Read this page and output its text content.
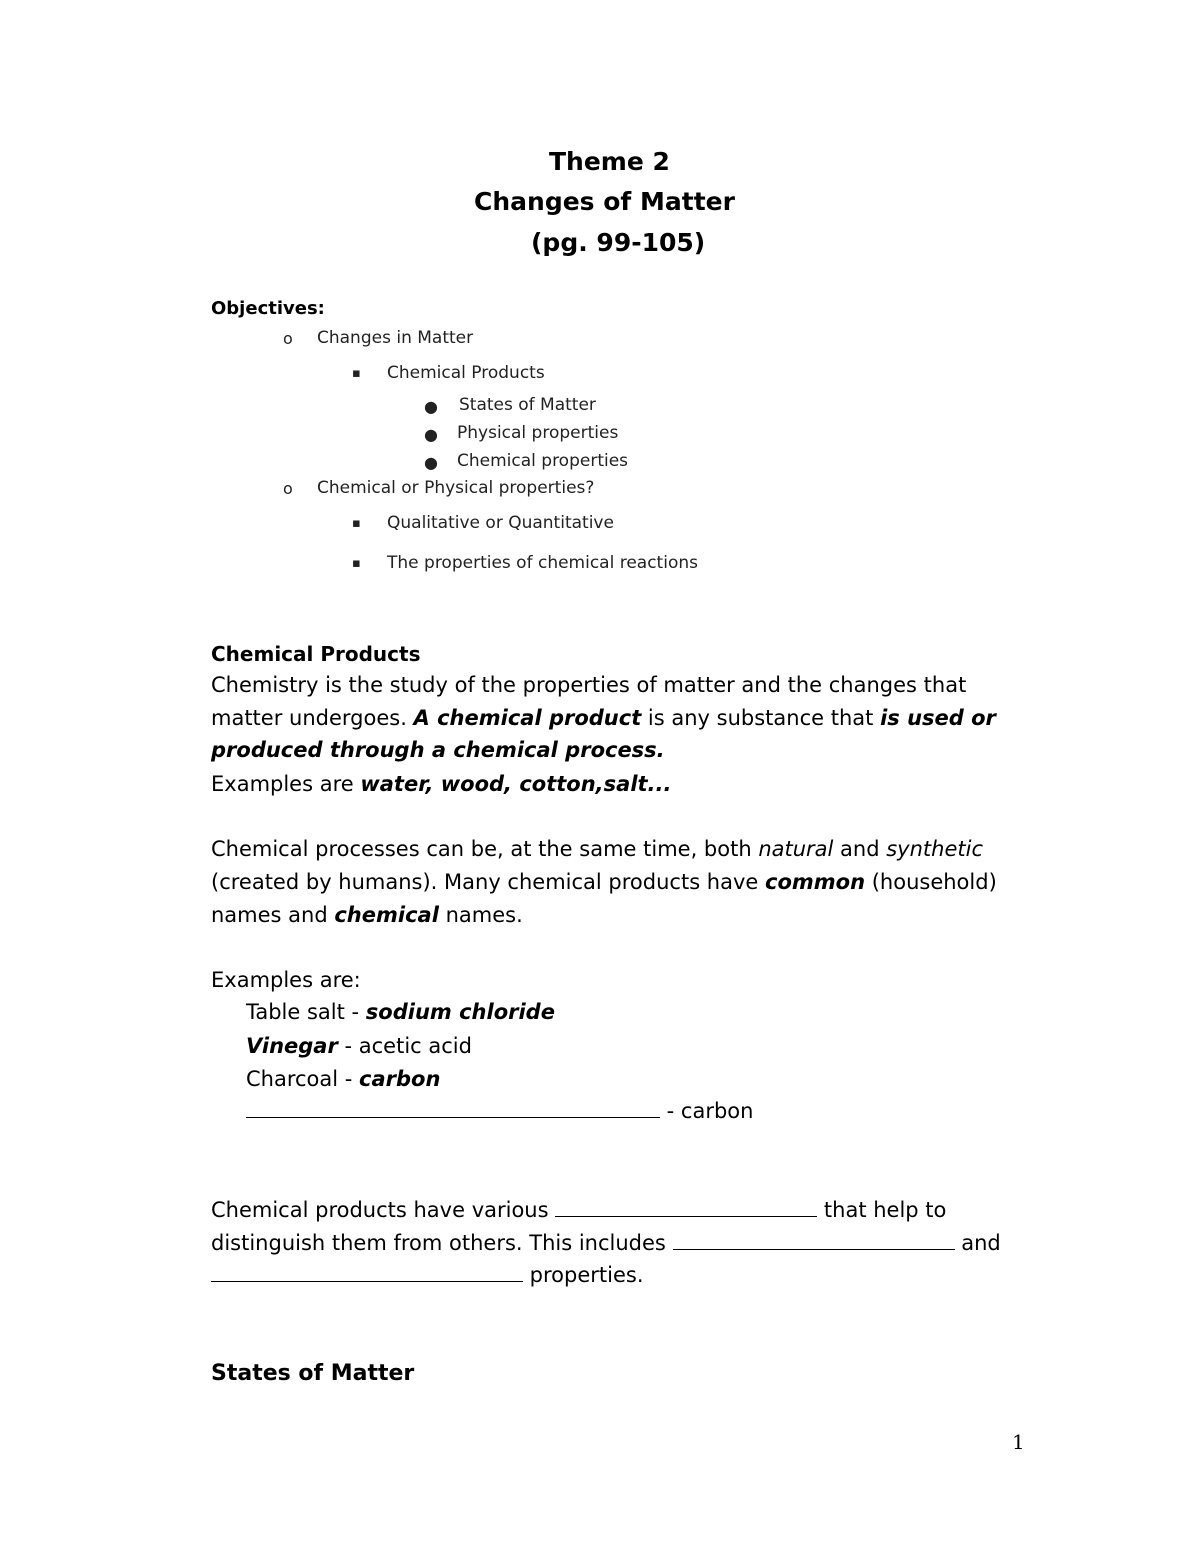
Theme 2
Changes of Matter
(pg. 99-105)
Objectives:
o Changes in Matter
▪ Chemical Products
● States of Matter
● Physical properties
● Chemical properties
o Chemical or Physical properties?
▪ Qualitative or Quantitative
▪ The properties of chemical reactions
Chemical Products
Chemistry is the study of the properties of matter and the changes that
matter undergoes. A chemical product is any substance that is used or
produced through a chemical process.
Examples are water, wood, cotton,salt...
Chemical processes can be, at the same time, both natural and synthetic
(created by humans). Many chemical products have common (household)
names and chemical names.
Examples are:
Table salt - sodium chloride
Vinegar - acetic acid
Charcoal - carbon
- carbon
Chemical products have various	that help to
distinguish them from others. This includes	and
properties.
States of Matter
1
